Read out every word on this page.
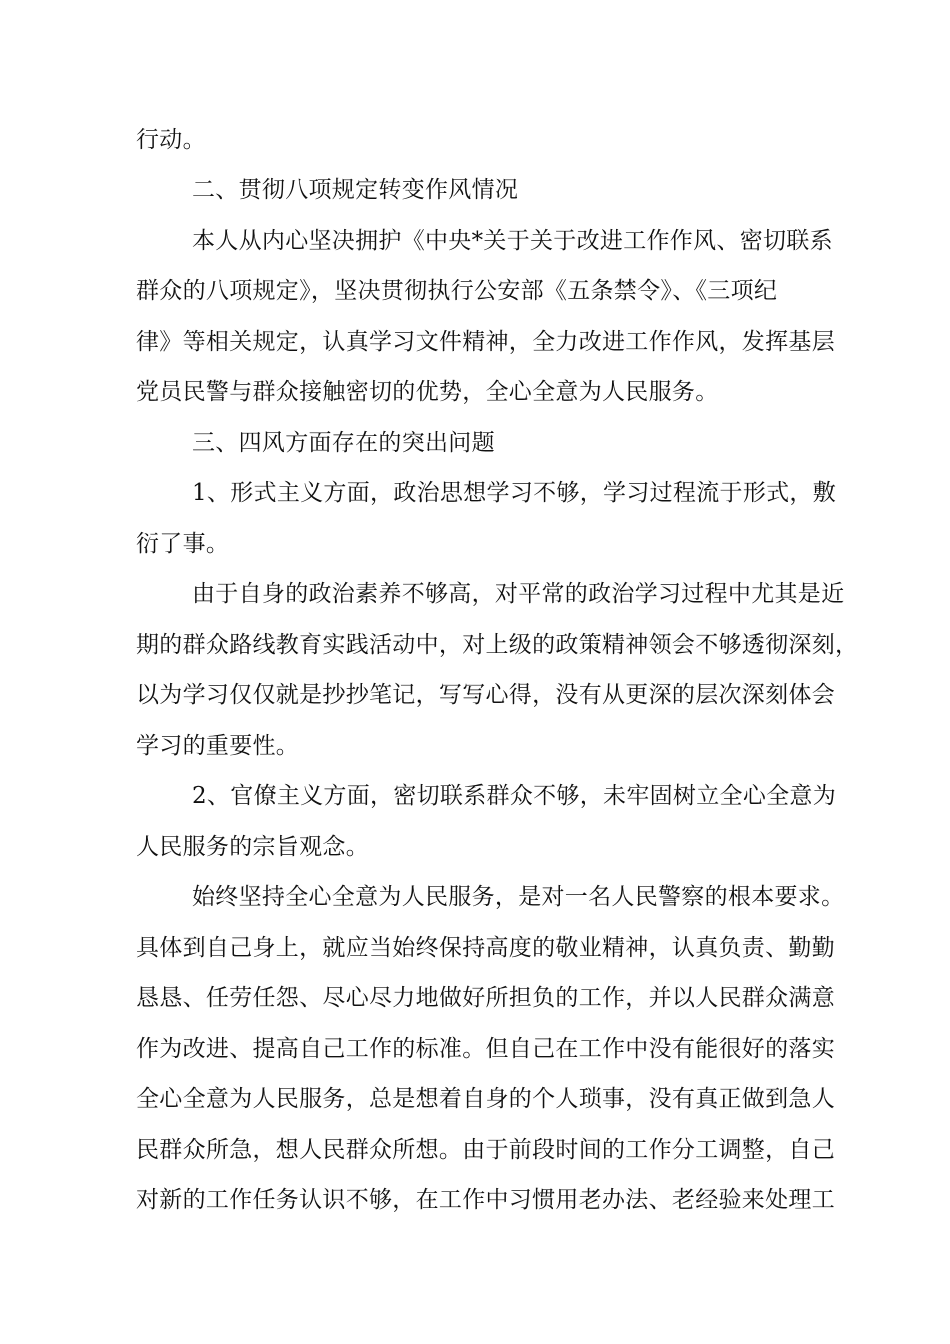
行动。
二、贯彻八项规定转变作风情况
本人从内心坚决拥护《中央*关于关于改进工作作风、密切联系
群众的八项规定》，坚决贯彻执行公安部《五条禁令》、《三项纪
律》等相关规定，认真学习文件精神，全力改进工作作风，发挥基层
党员民警与群众接触密切的优势，全心全意为人民服务。
三、四风方面存在的突出问题
1、形式主义方面，政治思想学习不够，学习过程流于形式，敷
衍了事。
由于自身的政治素养不够高，对平常的政治学习过程中尤其是近
期的群众路线教育实践活动中，对上级的政策精神领会不够透彻深刻，
以为学习仅仅就是抄抄笔记，写写心得，没有从更深的层次深刻体会
学习的重要性。
2、官僚主义方面，密切联系群众不够，未牢固树立全心全意为
人民服务的宗旨观念。
始终坚持全心全意为人民服务，是对一名人民警察的根本要求。
具体到自己身上，就应当始终保持高度的敬业精神，认真负责、勤勤
恳恳、任劳任怨、尽心尽力地做好所担负的工作，并以人民群众满意
作为改进、提高自己工作的标准。但自己在工作中没有能很好的落实
全心全意为人民服务，总是想着自身的个人琐事，没有真正做到急人
民群众所急，想人民群众所想。由于前段时间的工作分工调整，自己
对新的工作任务认识不够，在工作中习惯用老办法、老经验来处理工
